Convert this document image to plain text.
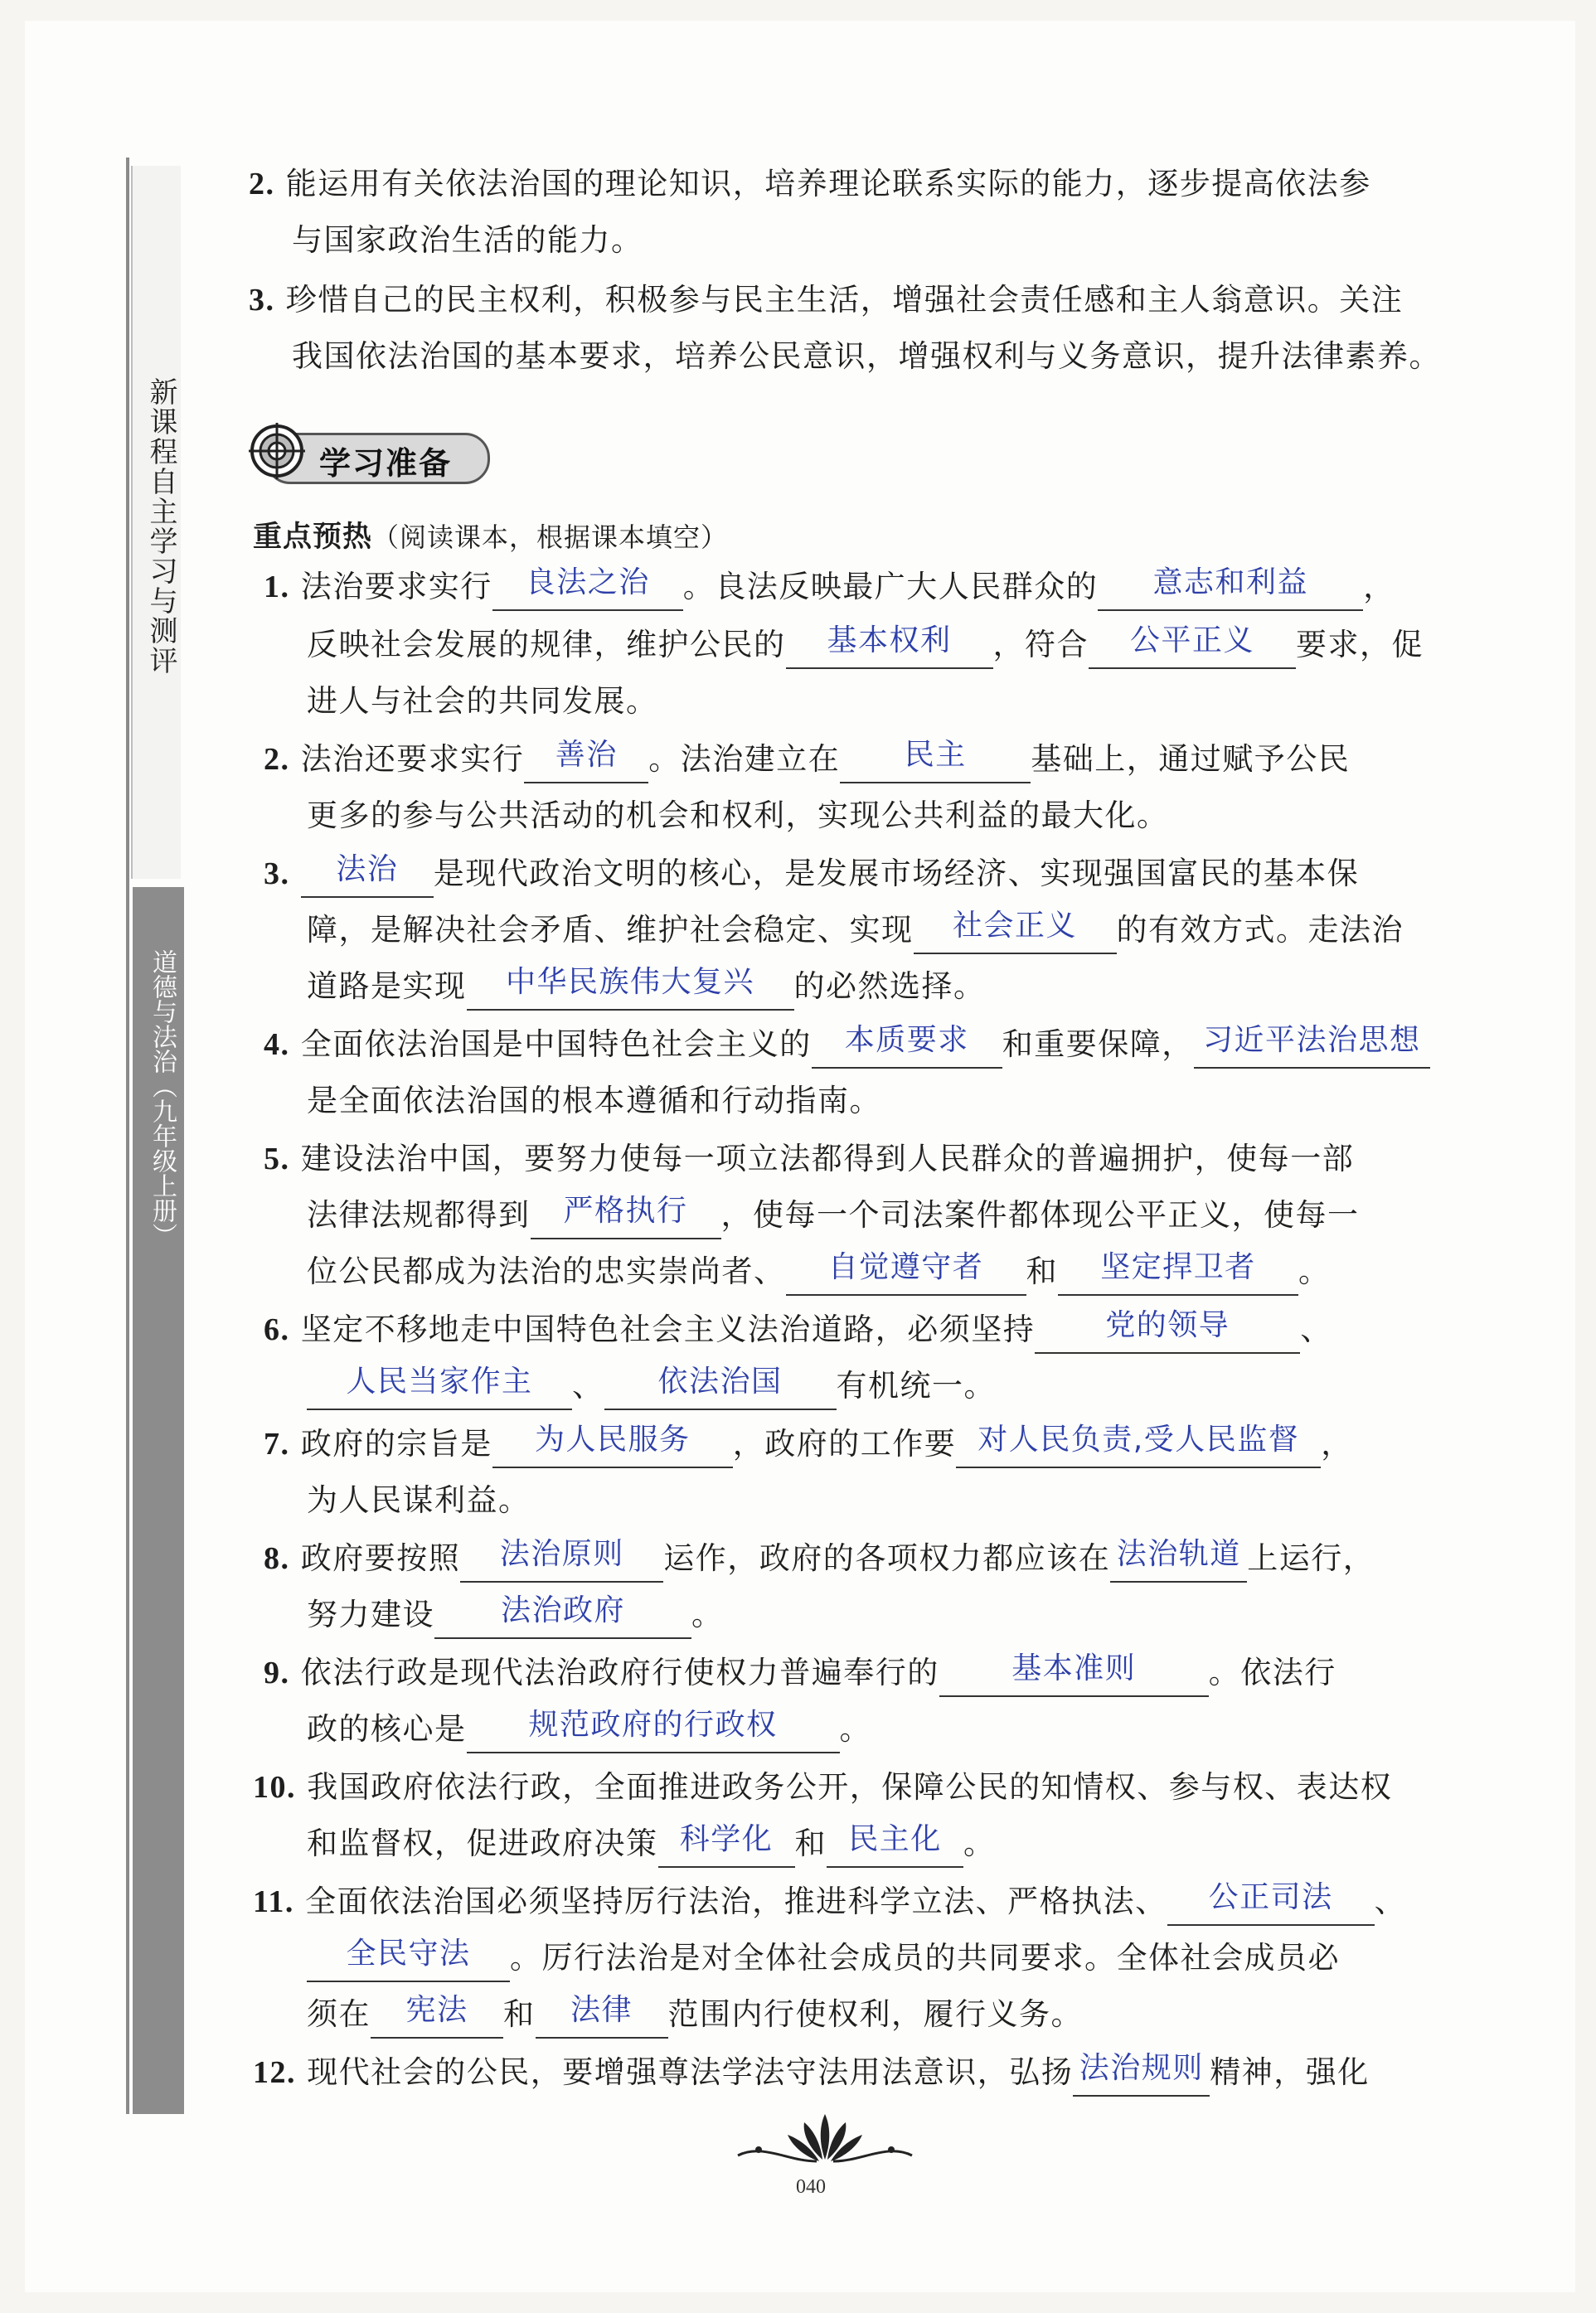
新课程自主学习与测评
道德与法治（九年级上册）
2. 能运用有关依法治国的理论知识，培养理论联系实际的能力，逐步提高依法参
与国家政治生活的能力。
3. 珍惜自己的民主权利，积极参与民主生活，增强社会责任感和主人翁意识。关注
我国依法治国的基本要求，培养公民意识，增强权利与义务意识，提升法律素养。
学习准备
重点预热（阅读课本，根据课本填空）
1. 法治要求实行 良法之治 。良法反映最广大人民群众的 意志和利益 ，
反映社会发展的规律，维护公民的 基本权利 ，符合 公平正义 要求，促
进人与社会的共同发展。
2. 法治还要求实行 善治 。法治建立在 民主 基础上，通过赋予公民
更多的参与公共活动的机会和权利，实现公共利益的最大化。
3. 法治 是现代政治文明的核心，是发展市场经济、实现强国富民的基本保
障，是解决社会矛盾、维护社会稳定、实现 社会正义 的有效方式。走法治
道路是实现 中华民族伟大复兴 的必然选择。
4. 全面依法治国是中国特色社会主义的 本质要求 和重要保障， 习近平法治思想
是全面依法治国的根本遵循和行动指南。
5. 建设法治中国，要努力使每一项立法都得到人民群众的普遍拥护，使每一部
法律法规都得到 严格执行 ，使每一个司法案件都体现公平正义，使每一
位公民都成为法治的忠实崇尚者、 自觉遵守者 和 坚定捍卫者 。
6. 坚定不移地走中国特色社会主义法治道路，必须坚持 党的领导 、
人民当家作主 、 依法治国 有机统一。
7. 政府的宗旨是 为人民服务 ，政府的工作要 对人民负责,受人民监督 ，
为人民谋利益。
8. 政府要按照 法治原则 运作，政府的各项权力都应该在 法治轨道 上运行，
努力建设 法治政府 。
9. 依法行政是现代法治政府行使权力普遍奉行的 基本准则 。依法行
政的核心是 规范政府的行政权 。
10. 我国政府依法行政，全面推进政务公开，保障公民的知情权、参与权、表达权
和监督权，促进政府决策 科学化 和 民主化 。
11. 全面依法治国必须坚持厉行法治，推进科学立法、严格执法、 公正司法 、
全民守法 。厉行法治是对全体社会成员的共同要求。全体社会成员必
须在 宪法 和 法律 范围内行使权利，履行义务。
12. 现代社会的公民，要增强尊法学法守法用法意识，弘扬 法治规则 精神，强化
040
